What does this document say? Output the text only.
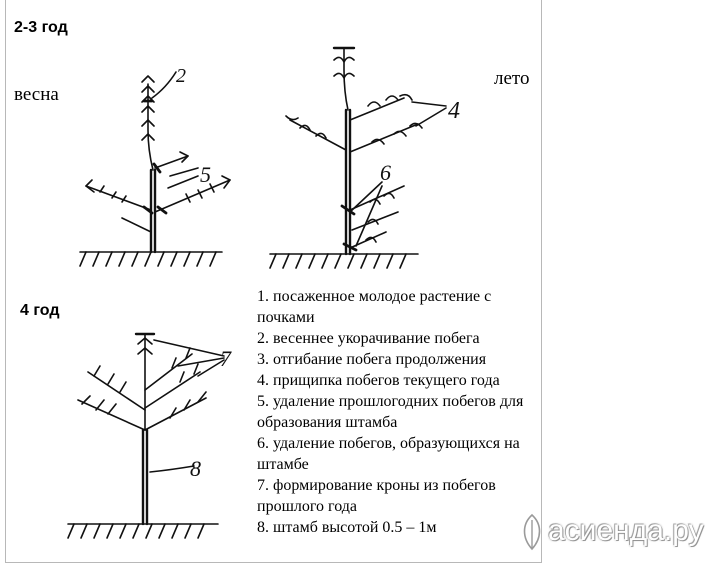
2-3 год
весна
лето
4 год
2
5
4
6
7
8
1. посаженное молодое растение с почками
2. весеннее укорачивание побега
3. отгибание побега продолжения
4. прищипка побегов текущего года
5. удаление прошлогодних побегов для образования штамба
6. удаление побегов, образующихся на штамбе
7. формирование кроны из побегов прошлого года
8. штамб высотой 0.5 – 1м	асиенда.ру
